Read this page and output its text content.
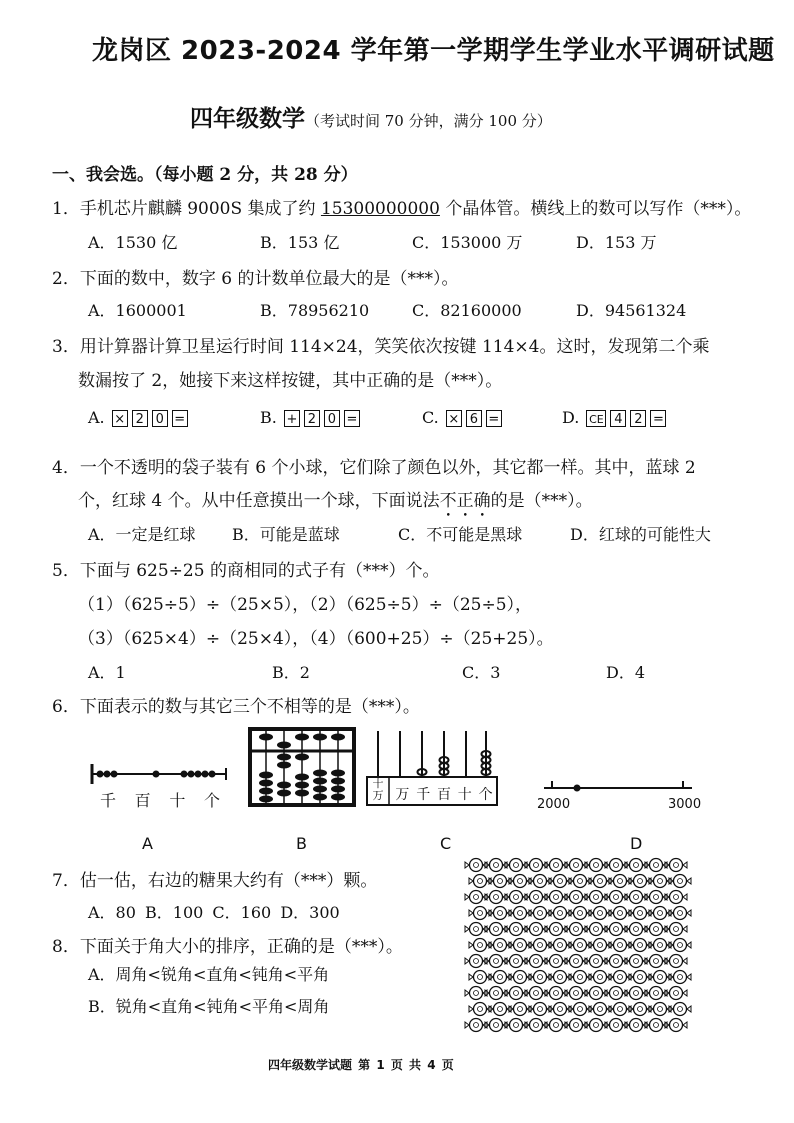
龙岗区 2023-2024 学年第一学期学生学业水平调研试题
四年级数学（考试时间 70 分钟，满分 100 分）
一、我会选。（每小题 2 分，共 28 分）
1．手机芯片麒麟 9000S 集成了约 15300000000 个晶体管。横线上的数可以写作（***）。
A．1530 亿	B．153 亿	C．153000 万	D．153 万
2．下面的数中，数字 6 的计数单位最大的是（***）。
A．1600001	B．78956210	C．82160000	D．94561324
3．用计算器计算卫星运行时间 114×24，笑笑依次按键 114×4。这时，发现第二个乘
数漏按了 2，她接下来这样按键，其中正确的是（***）。
A. × 2 0 =	B. + 2 0 =	C. × 6 =	D. CE 4 2 =
4．一个不透明的袋子装有 6 个小球，它们除了颜色以外，其它都一样。其中，蓝球 2
个，红球 4 个。从中任意摸出一个球，下面说法不正确的是（***）。
A．一定是红球 B．可能是蓝球	C．不可能是黑球	D．红球的可能性大
5．下面与 625÷25 的商相同的式子有（***）个。
（1）（625÷5）÷（25×5），（2）（625÷5）÷（25÷5），
（3）（625×4）÷（25×4），（4）（600+25）÷（25+25）。
A．1	B．2	C．3	D．4
6．下面表示的数与其它三个不相等的是（***）。
千 百 十 个
十
万 万 千 百 十 个
2000	3000
A	B	C	D
7．估一估，右边的糖果大约有（***）颗。
A．80 B．100 C．160 D．300
8．下面关于角大小的排序，正确的是（***）。
A．周角<锐角<直角<钝角<平角
B．锐角<直角<钝角<平角<周角
四年级数学试题 第 1 页 共 4 页
